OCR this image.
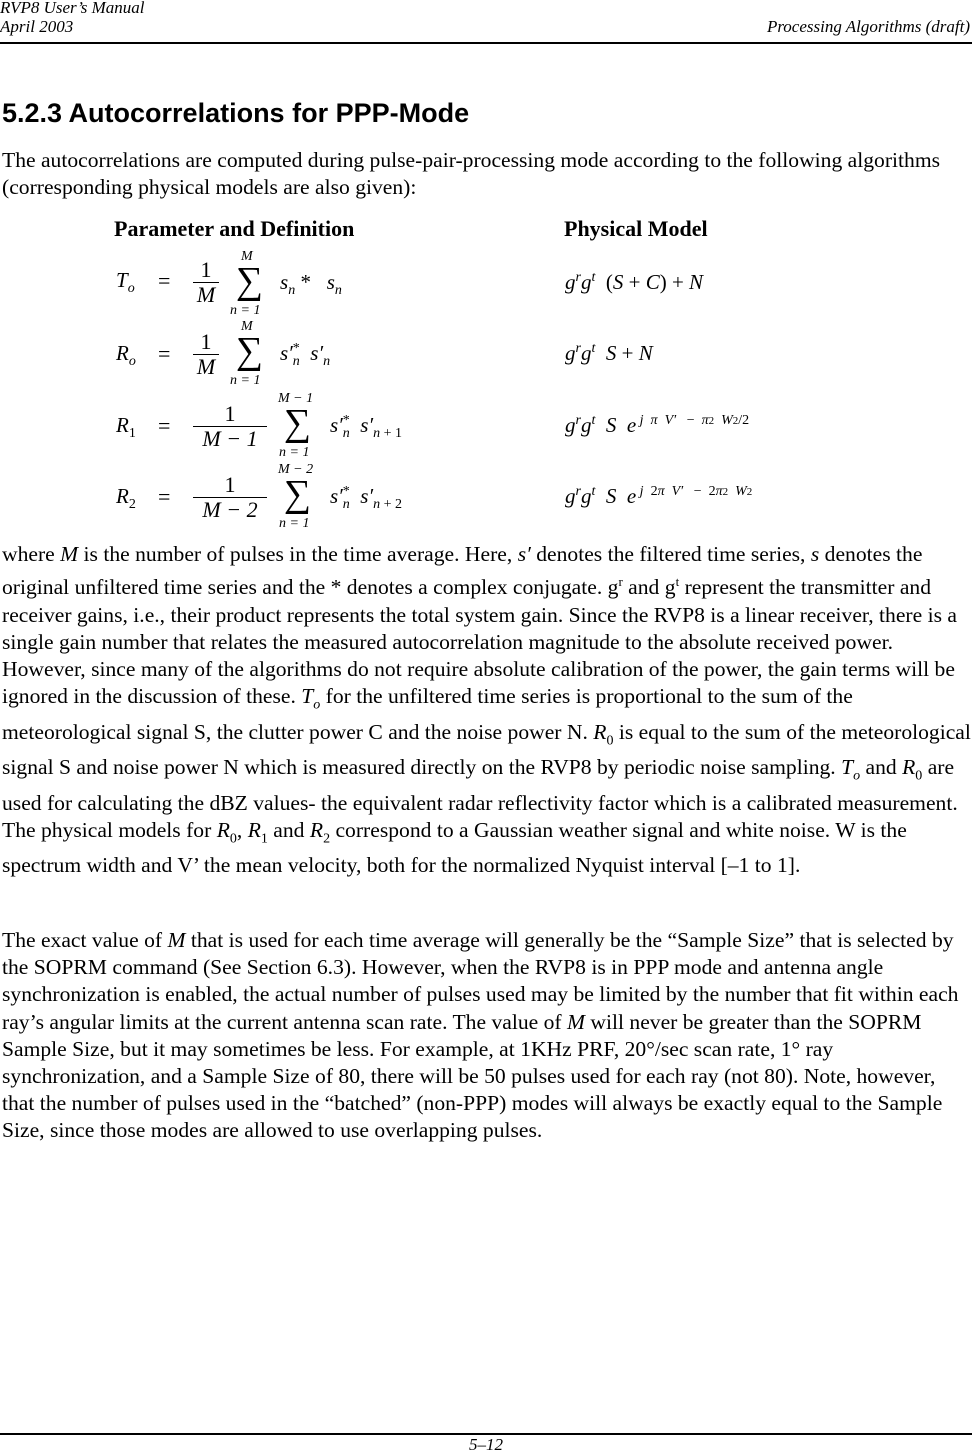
RVP8 User’s Manual
April 2003	Processing Algorithms (draft)
5.2.3 Autocorrelations for PPP-Mode

The autocorrelations are computed during pulse-pair-processing mode according to the following algorithms (corresponding physical models are also given):

Parameter and Definition	Physical Model
$T_o$ =	1
M
M
∑
n = 1
$s_n * s_n$	$g^rg^t$ (S + C) + N
$R_o$ =	1
M
M
∑
n = 1
$s'^*_n$  $s'_n$	$g^rg^t$  S + N
$R_1$ =	1
M − 1
M − 1
∑
n = 1
$s'^*_n$  $s'_{n + 1}$	$g^rg^t$  S  e $^{j \pi V' - \pi 2 W2/2}$
$R_2$ =	1
M − 2
M − 2
∑
n = 1
$s'^*_n$  $s'_{n + 2}$	$g^rg^t$  S  e $^{j 2\pi V' - 2\pi 2 W2}$

where M is the number of pulses in the time average. Here, s′ denotes the filtered time series, s denotes the original unfiltered time series and the * denotes a complex conjugate. $g^r$ and $g^t$ represent the transmitter and receiver gains, i.e., their product represents the total system gain. Since the RVP8 is a linear receiver, there is a single gain number that relates the measured autocorrelation magnitude to the absolute received power. However, since many of the algorithms do not require absolute calibration of the power, the gain terms will be ignored in the discussion of these. $T_o$ for the unfiltered time series is proportional to the sum of the meteorological signal S, the clutter power C and the noise power N. $R_0$ is equal to the sum of the meteorological signal S and noise power N which is measured directly on the RVP8 by periodic noise sampling. $T_o$ and $R_0$ are used for calculating the dBZ values- the equivalent radar reflectivity factor which is a calibrated measurement. The physical models for $R_0$, $R_1$ and $R_2$ correspond to a Gaussian weather signal and white noise. W is the spectrum width and V’ the mean velocity, both for the normalized Nyquist interval [–1 to 1].

The exact value of M that is used for each time average will generally be the “Sample Size” that is selected by the SOPRM command (See Section 6.3). However, when the RVP8 is in PPP mode and antenna angle synchronization is enabled, the actual number of pulses used may be limited by the number that fit within each ray’s angular limits at the current antenna scan rate. The value of M will never be greater than the SOPRM Sample Size, but it may sometimes be less. For example, at 1KHz PRF, 20°/sec scan rate, 1° ray synchronization, and a Sample Size of 80, there will be 50 pulses used for each ray (not 80). Note, however, that the number of pulses used in the “batched” (non-PPP) modes will always be exactly equal to the Sample Size, since those modes are allowed to use overlapping pulses.

5–12
